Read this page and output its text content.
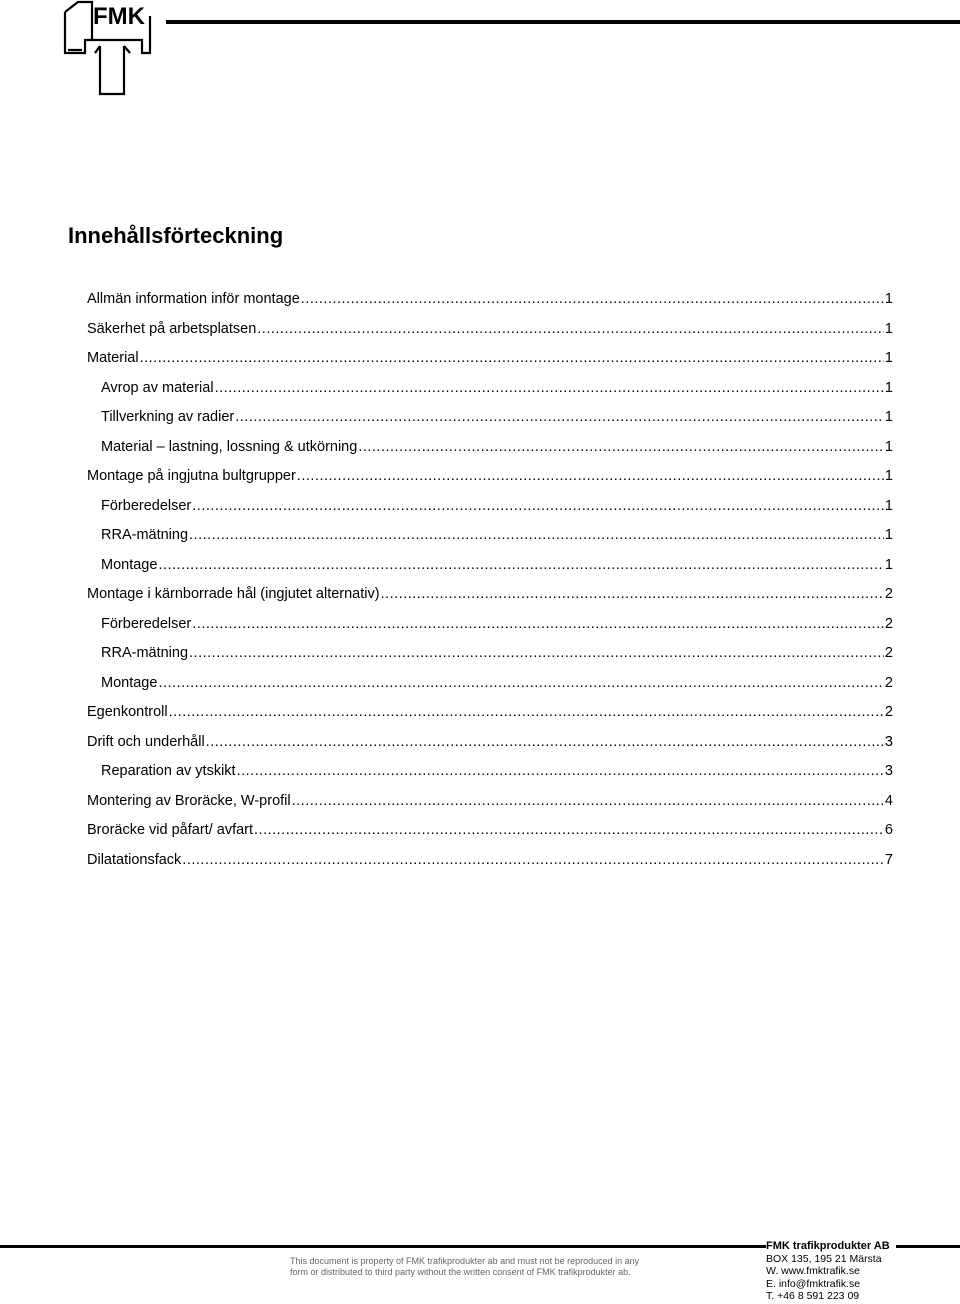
FMK
Innehållsförteckning
Allmän information inför montage .....	1
Säkerhet på arbetsplatsen .....	1
Material .....	1
Avrop av material .....	1
Tillverkning av radier .....	1
Material – lastning, lossning & utkörning .....	1
Montage på ingjutna bultgrupper .....	1
Förberedelser .....	1
RRA-mätning .....	1
Montage .....	1
Montage i kärnborrade hål (ingjutet alternativ) .....	2
Förberedelser .....	2
RRA-mätning .....	2
Montage .....	2
Egenkontroll .....	2
Drift och underhåll .....	3
Reparation av ytskikt .....	3
Montering av Broräcke, W-profil .....	4
Broräcke vid påfart/ avfart .....	6
Dilatationsfack .....	7
This document is property of FMK trafikprodukter ab and must not be reproduced in any
form or distributed to third party without the written consent of FMK trafikprodukter ab.
FMK trafikprodukter AB
BOX 135, 195 21 Märsta
W. www.fmktrafik.se
E. info@fmktrafik.se
T. +46 8 591 223 09
